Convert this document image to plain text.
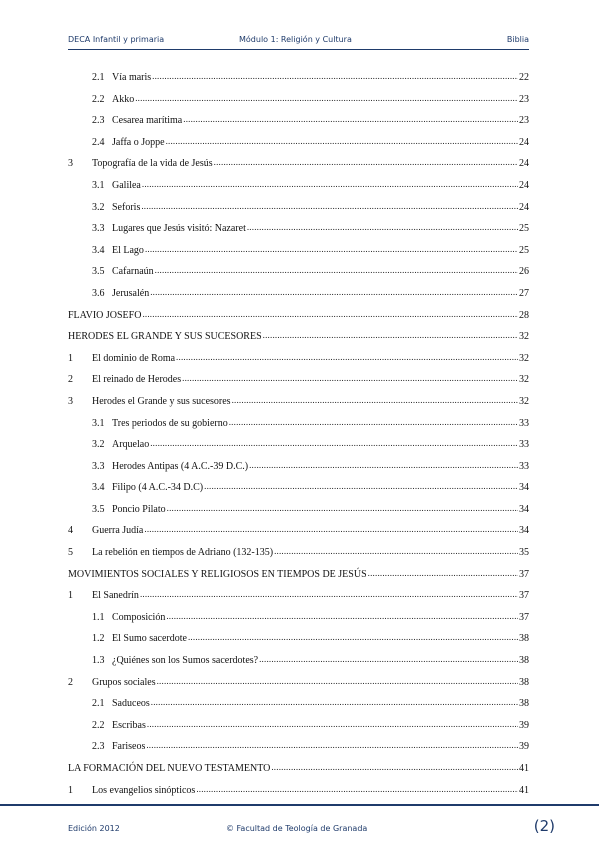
DECA Infantil y primaria	Módulo 1: Religión y Cultura	Biblia
2.1 Vía maris .....	22
2.2 Akko .....	23
2.3 Cesarea marítima .....	23
2.4 Jaffa o Joppe .....	24
3	Topografía de la vida de Jesús .....	24
3.1 Galilea .....	24
3.2 Seforis .....	24
3.3 Lugares que Jesús visitó: Nazaret .....	25
3.4 El Lago .....	25
3.5 Cafarnaún .....	26
3.6 Jerusalén .....	27
FLAVIO JOSEFO .....	28
HERODES EL GRANDE Y SUS SUCESORES .....	32
1	El dominio de Roma .....	32
2	El reinado de Herodes .....	32
3	Herodes el Grande y sus sucesores .....	32
3.1 Tres periodos de su gobierno .....	33
3.2 Arquelao .....	33
3.3 Herodes Antipas (4 A.C.-39 D.C.) .....	33
3.4 Filipo (4 A.C.-34 D.C) .....	34
3.5 Poncio Pilato .....	34
4	Guerra Judía .....	34
5	La rebelión en tiempos de Adriano (132-135) .....	35
MOVIMIENTOS SOCIALES Y RELIGIOSOS EN TIEMPOS DE JESÚS .....	37
1	El Sanedrín .....	37
1.1 Composición .....	37
1.2 El Sumo sacerdote .....	38
1.3 ¿Quiénes son los Sumos sacerdotes? .....	38
2	Grupos sociales .....	38
2.1 Saduceos .....	38
2.2 Escribas .....	39
2.3 Fariseos .....	39
LA FORMACIÓN DEL NUEVO TESTAMENTO .....	41
1	Los evangelios sinópticos .....	41
Edición 2012	© Facultad de Teología de Granada	(2)
